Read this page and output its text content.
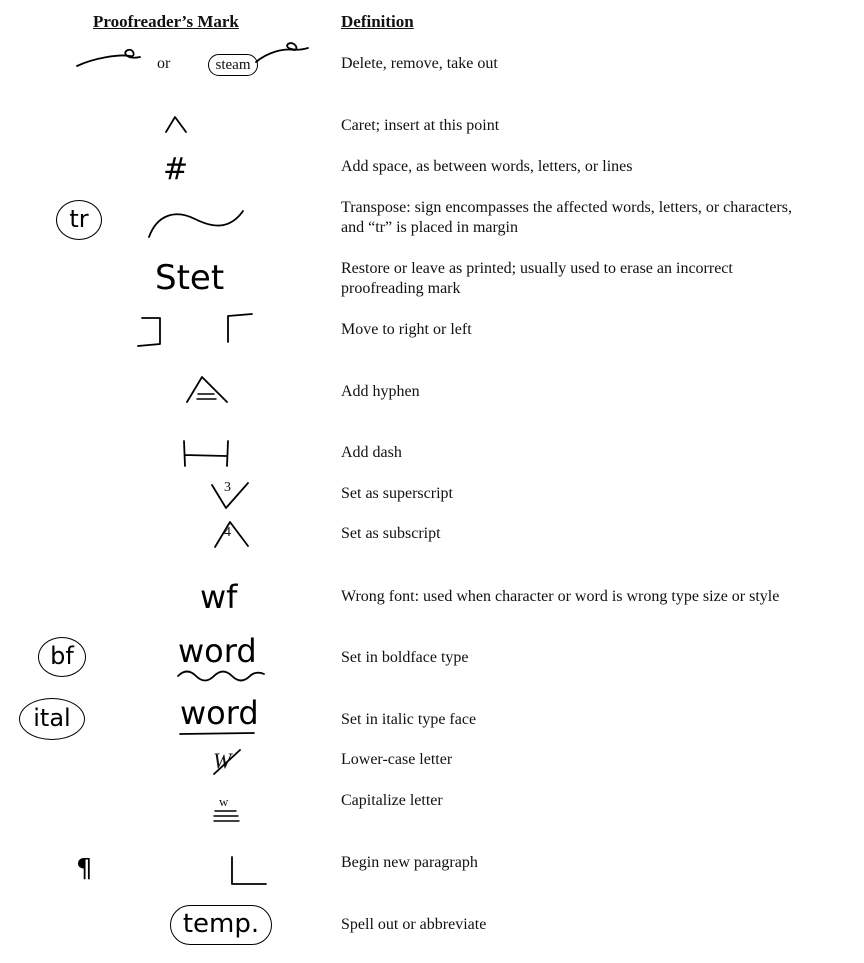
Proofreader’s Mark	Definition
or	steam	Delete, remove, take out
Caret; insert at this point
#	Add space, as between words, letters, or lines
tr	Transpose: sign encompasses the affected words, letters, or characters,
and “tr” is placed in margin
Stet	Restore or leave as printed; usually used to erase an incorrect
proofreading mark
Move to right or left
Add hyphen
Add dash
3	Set as superscript
4	Set as subscript
wf	Wrong font: used when character or word is wrong type size or style
bf	word	Set in boldface type
ital	word	Set in italic type face
W	Lower-case letter
w	Capitalize letter
¶	Begin new paragraph
temp.	Spell out or abbreviate
